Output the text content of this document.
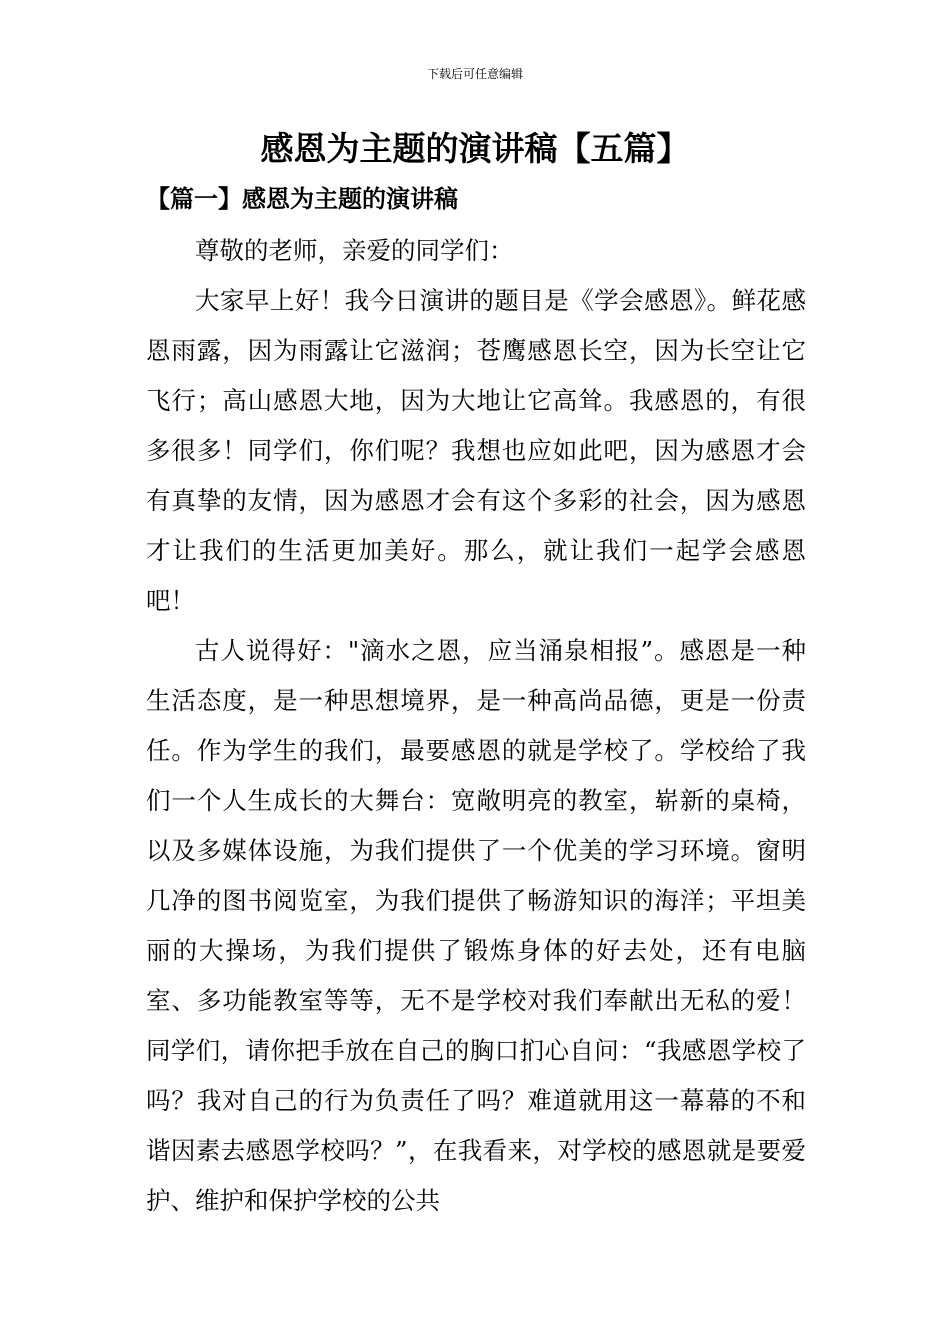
下载后可任意编辑
感恩为主题的演讲稿【五篇】
【篇一】感恩为主题的演讲稿

尊敬的老师，亲爱的同学们：

大家早上好！我今日演讲的题目是《学会感恩》。鲜花感恩雨露，因为雨露让它滋润；苍鹰感恩长空，因为长空让它飞行；高山感恩大地，因为大地让它高耸。我感恩的，有很多很多！同学们，你们呢？我想也应如此吧，因为感恩才会有真挚的友情，因为感恩才会有这个多彩的社会，因为感恩才让我们的生活更加美好。那么，就让我们一起学会感恩吧！

古人说得好："滴水之恩，应当涌泉相报”。感恩是一种生活态度，是一种思想境界，是一种高尚品德，更是一份责任。作为学生的我们，最要感恩的就是学校了。学校给了我们一个人生成长的大舞台：宽敞明亮的教室，崭新的桌椅，以及多媒体设施，为我们提供了一个优美的学习环境。窗明几净的图书阅览室，为我们提供了畅游知识的海洋；平坦美丽的大操场，为我们提供了锻炼身体的好去处，还有电脑室、多功能教室等等，无不是学校对我们奉献出无私的爱！同学们，请你把手放在自己的胸口扪心自问：“我感恩学校了吗？我对自己的行为负责任了吗？难道就用这一幕幕的不和谐因素去感恩学校吗？”，在我看来，对学校的感恩就是要爱护、维护和保护学校的公共
